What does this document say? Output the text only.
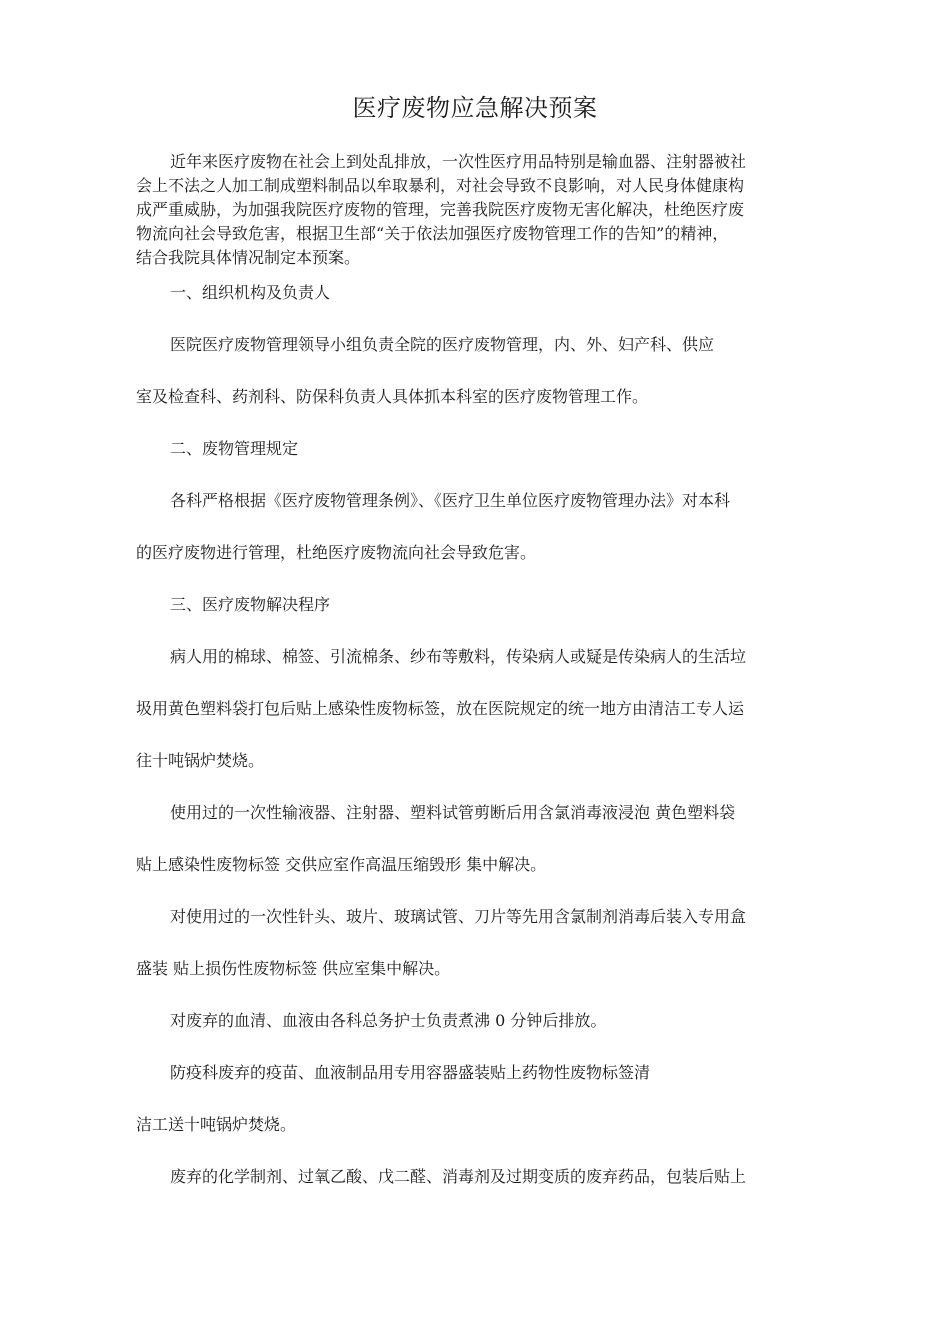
医疗废物应急解决预案
近年来医疗废物在社会上到处乱排放，一次性医疗用品特别是输血器、注射器被社
会上不法之人加工制成塑料制品以牟取暴利，对社会导致不良影响，对人民身体健康构
成严重威胁，为加强我院医疗废物的管理，完善我院医疗废物无害化解决，杜绝医疗废
物流向社会导致危害，根据卫生部“关于依法加强医疗废物管理工作的告知”的精神，
结合我院具体情况制定本预案。
一、组织机构及负责人
医院医疗废物管理领导小组负责全院的医疗废物管理，内、外、妇产科、供应
室及检查科、药剂科、防保科负责人具体抓本科室的医疗废物管理工作。
二、废物管理规定
各科严格根据《医疗废物管理条例》、《医疗卫生单位医疗废物管理办法》对本科
的医疗废物进行管理，杜绝医疗废物流向社会导致危害。
三、医疗废物解决程序
病人用的棉球、棉签、引流棉条、纱布等敷料，传染病人或疑是传染病人的生活垃
圾用黄色塑料袋打包后贴上感染性废物标签，放在医院规定的统一地方由清洁工专人运
往十吨锅炉焚烧。
使用过的一次性输液器、注射器、塑料试管剪断后用含氯消毒液浸泡 黄色塑料袋
贴上感染性废物标签 交供应室作高温压缩毁形 集中解决。
对使用过的一次性针头、玻片、玻璃试管、刀片等先用含氯制剂消毒后装入专用盒
盛装 贴上损伤性废物标签 供应室集中解决。
对废弃的血清、血液由各科总务护士负责煮沸 0 分钟后排放。
防疫科废弃的疫苗、血液制品用专用容器盛装贴上药物性废物标签清
洁工送十吨锅炉焚烧。
废弃的化学制剂、过氧乙酸、戊二醛、消毒剂及过期变质的废弃药品，包装后贴上
